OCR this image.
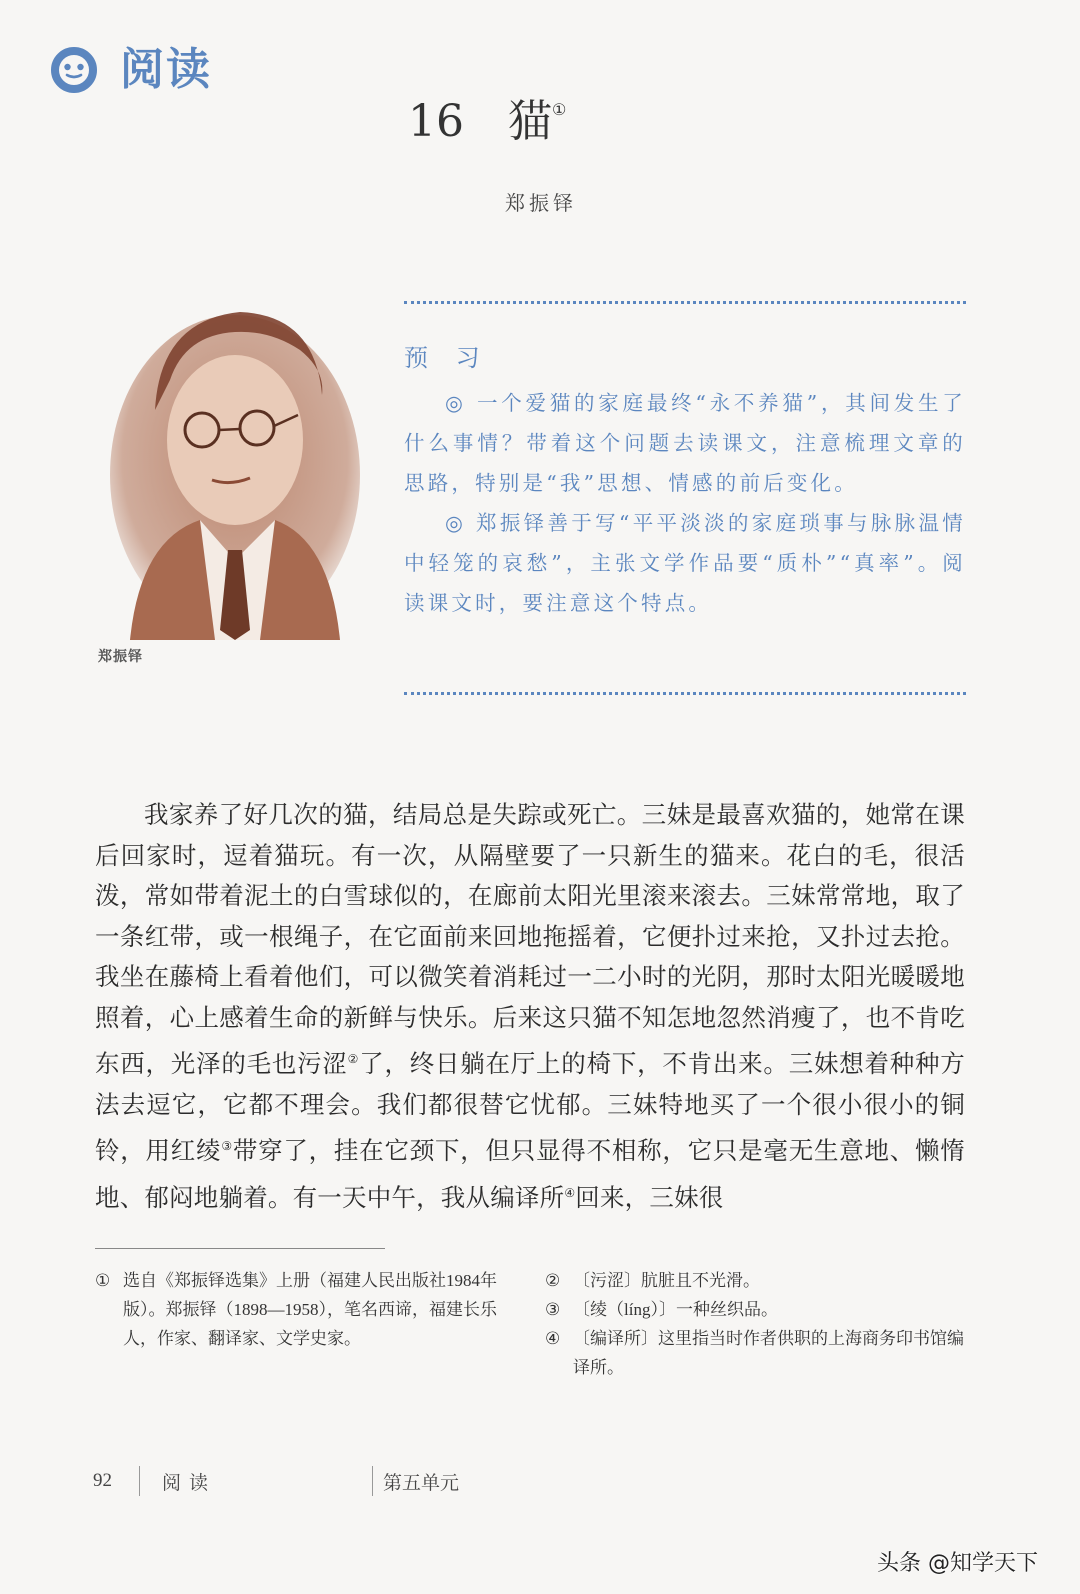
阅读
16 猫①
郑振铎
郑振铎
预 习

◎ 一个爱猫的家庭最终“永不养猫”，其间发生了什么事情？带着这个问题去读课文，注意梳理文章的思路，特别是“我”思想、情感的前后变化。

◎ 郑振铎善于写“平平淡淡的家庭琐事与脉脉温情中轻笼的哀愁”，主张文学作品要“质朴”“真率”。阅读课文时，要注意这个特点。

我家养了好几次的猫，结局总是失踪或死亡。三妹是最喜欢猫的，她常在课后回家时，逗着猫玩。有一次，从隔壁要了一只新生的猫来。花白的毛，很活泼，常如带着泥土的白雪球似的，在廊前太阳光里滚来滚去。三妹常常地，取了一条红带，或一根绳子，在它面前来回地拖摇着，它便扑过来抢，又扑过去抢。我坐在藤椅上看着他们，可以微笑着消耗过一二小时的光阴，那时太阳光暖暖地照着，心上感着生命的新鲜与快乐。后来这只猫不知怎地忽然消瘦了，也不肯吃东西，光泽的毛也污涩②了，终日躺在厅上的椅下，不肯出来。三妹想着种种方法去逗它，它都不理会。我们都很替它忧郁。三妹特地买了一个很小很小的铜铃，用红绫③带穿了，挂在它颈下，但只显得不相称，它只是毫无生意地、懒惰地、郁闷地躺着。有一天中午，我从编译所④回来，三妹很

① 选自《郑振铎选集》上册（福建人民出版社1984年版）。郑振铎（1898—1958），笔名西谛，福建长乐人，作家、翻译家、文学史家。
② 〔污涩〕肮脏且不光滑。
③ 〔绫（líng）〕一种丝织品。
④ 〔编译所〕这里指当时作者供职的上海商务印书馆编译所。
92	阅读	第五单元
头条 @知学天下
